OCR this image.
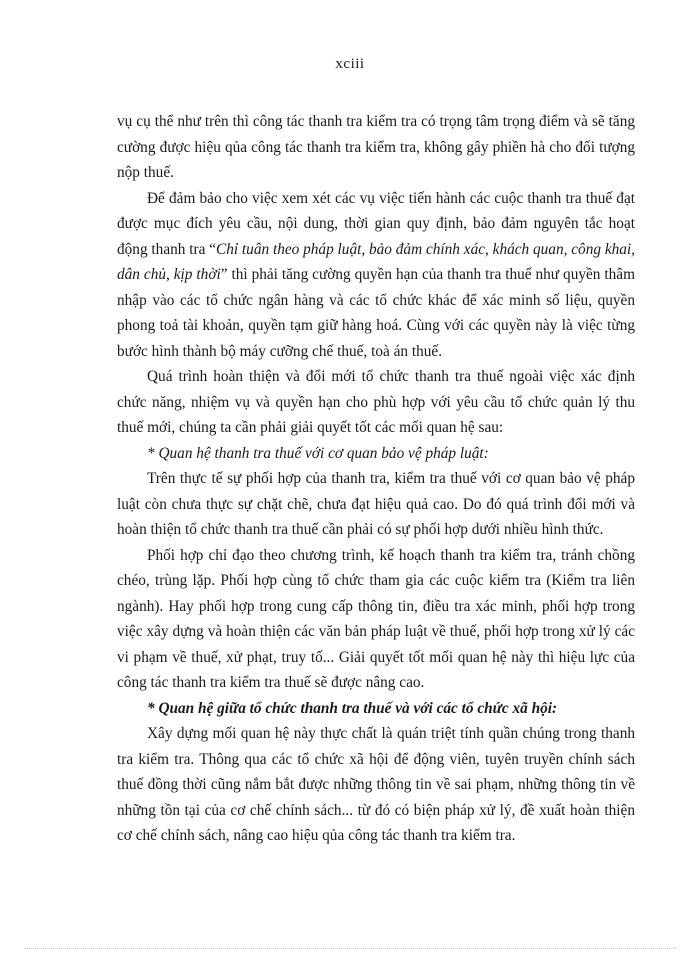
xciii

vụ cụ thể như trên thì công tác thanh tra kiểm tra có trọng tâm trọng điểm và sẽ tăng cường được hiệu qủa công tác thanh tra kiểm tra, không gây phiền hà cho đối tượng nộp thuế.

Để đảm bảo cho việc xem xét các vụ việc tiến hành các cuộc thanh tra thuế đạt được mục đích yêu cầu, nội dung, thời gian quy định, bảo đảm nguyên tắc hoạt động thanh tra “Chỉ tuân theo pháp luật, bảo đảm chính xác, khách quan, công khai, dân chủ, kịp thời” thì phải tăng cường quyền hạn của thanh tra thuế như quyền thâm nhập vào các tổ chức ngân hàng và các tổ chức khác để xác minh số liệu, quyền phong toả tài khoản, quyền tạm giữ hàng hoá. Cùng với các quyền này là việc từng bước hình thành bộ máy cưỡng chế thuế, toà án thuế.

Quá trình hoàn thiện và đổi mới tổ chức thanh tra thuế ngoài việc xác định chức năng, nhiệm vụ và quyền hạn cho phù hợp với yêu cầu tổ chức quản lý thu thuế mới, chúng ta cần phải giải quyết tốt các mối quan hệ sau:

* Quan hệ thanh tra thuế với cơ quan bảo vệ pháp luật:

Trên thực tế sự phối hợp của thanh tra, kiểm tra thuế với cơ quan bảo vệ pháp luật còn chưa thực sự chặt chẽ, chưa đạt hiệu quả cao. Do đó quá trình đổi mới và hoàn thiện tổ chức thanh tra thuế cần phải có sự phối hợp dưới nhiều hình thức.

Phối hợp chỉ đạo theo chương trình, kế hoạch thanh tra kiểm tra, tránh chồng chéo, trùng lặp. Phối hợp cùng tổ chức tham gia các cuộc kiểm tra (Kiểm tra liên ngành). Hay phối hợp trong cung cấp thông tin, điều tra xác minh, phối hợp trong việc xây dựng và hoàn thiện các văn bản pháp luật về thuế, phối hợp trong xử lý các vi phạm về thuế, xử phạt, truy tố... Giải quyết tốt mối quan hệ này thì hiệu lực của công tác thanh tra kiểm tra thuế sẽ được nâng cao.

* Quan hệ giữa tổ chức thanh tra thuế và với các tổ chức xã hội:

Xây dựng mối quan hệ này thực chất là quán triệt tính quần chúng trong thanh tra kiểm tra. Thông qua các tổ chức xã hội để động viên, tuyên truyền chính sách thuế đồng thời cũng nắm bắt được những thông tin về sai phạm, những thông tin về những tồn tại của cơ chế chính sách... từ đó có biện pháp xử lý, đề xuất hoàn thiện cơ chế chính sách, nâng cao hiệu qủa công tác thanh tra kiểm tra.
